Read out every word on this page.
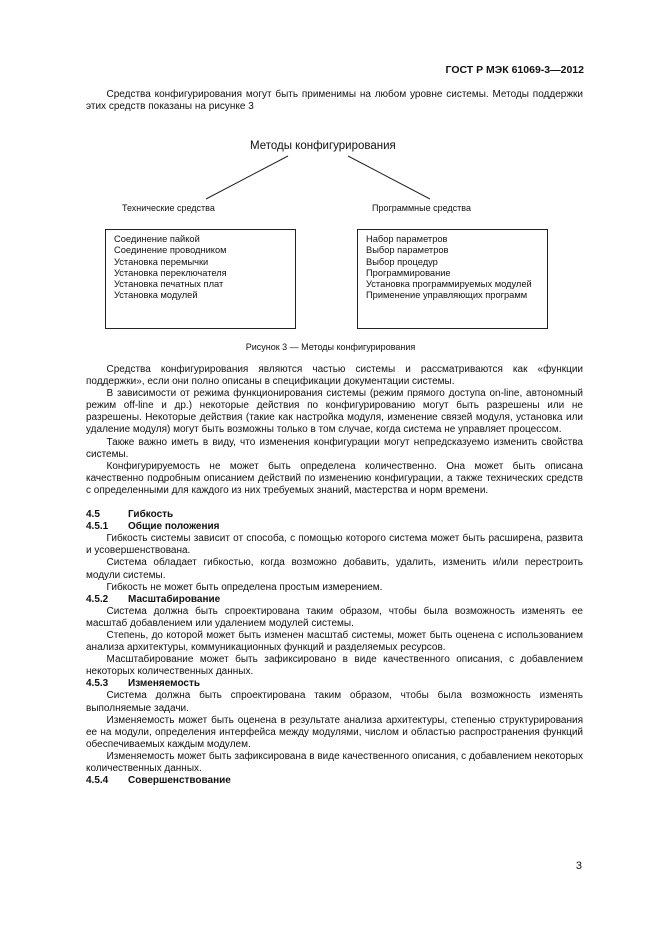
ГОСТ Р МЭК 61069-3—2012

Средства конфигурирования могут быть применимы на любом уровне системы. Методы поддержки этих средств показаны на рисунке 3

Методы конфигурирования
Технические средства	Программные средства
Соединение пайкой
Соединение проводником
Установка перемычки
Установка переключателя
Установка печатных плат
Установка модулей
Набор параметров
Выбор параметров
Выбор процедур
Программирование
Установка программируемых модулей
Применение управляющих программ
Рисунок 3 — Методы конфигурирования

Средства конфигурирования являются частью системы и рассматриваются как «функции поддержки», если они полно описаны в спецификации документации системы.

В зависимости от режима функционирования системы (режим прямого доступа on-line, автономный режим off-line и др.) некоторые действия по конфигурированию могут быть разрешены или не разрешены. Некоторые действия (такие как настройка модуля, изменение связей модуля, установка или удаление модуля) могут быть возможны только в том случае, когда система не управляет процессом.

Также важно иметь в виду, что изменения конфигурации могут непредсказуемо изменить свойства системы.

Конфигурируемость не может быть определена количественно. Она может быть описана качественно подробным описанием действий по изменению конфигурации, а также технических средств с определенными для каждого из них требуемых знаний, мастерства и норм времени.

4.5	Гибкость

4.5.1 Общие положения

Гибкость системы зависит от способа, с помощью которого система может быть расширена, развита и усовершенствована.

Система обладает гибкостью, когда возможно добавить, удалить, изменить и/или перестроить модули системы.

Гибкость не может быть определена простым измерением.

4.5.2 Масштабирование

Система должна быть спроектирована таким образом, чтобы была возможность изменять ее масштаб добавлением или удалением модулей системы.

Степень, до которой может быть изменен масштаб системы, может быть оценена с использованием анализа архитектуры, коммуникационных функций и разделяемых ресурсов.

Масштабирование может быть зафиксировано в виде качественного описания, с добавлением некоторых количественных данных.

4.5.3 Изменяемость

Система должна быть спроектирована таким образом, чтобы была возможность изменять выполняемые задачи.

Изменяемость может быть оценена в результате анализа архитектуры, степенью структурирования ее на модули, определения интерфейса между модулями, числом и областью распространения функций обеспечиваемых каждым модулем.

Изменяемость может быть зафиксирована в виде качественного описания, с добавлением некоторых количественных данных.

4.5.4 Совершенствование

3
